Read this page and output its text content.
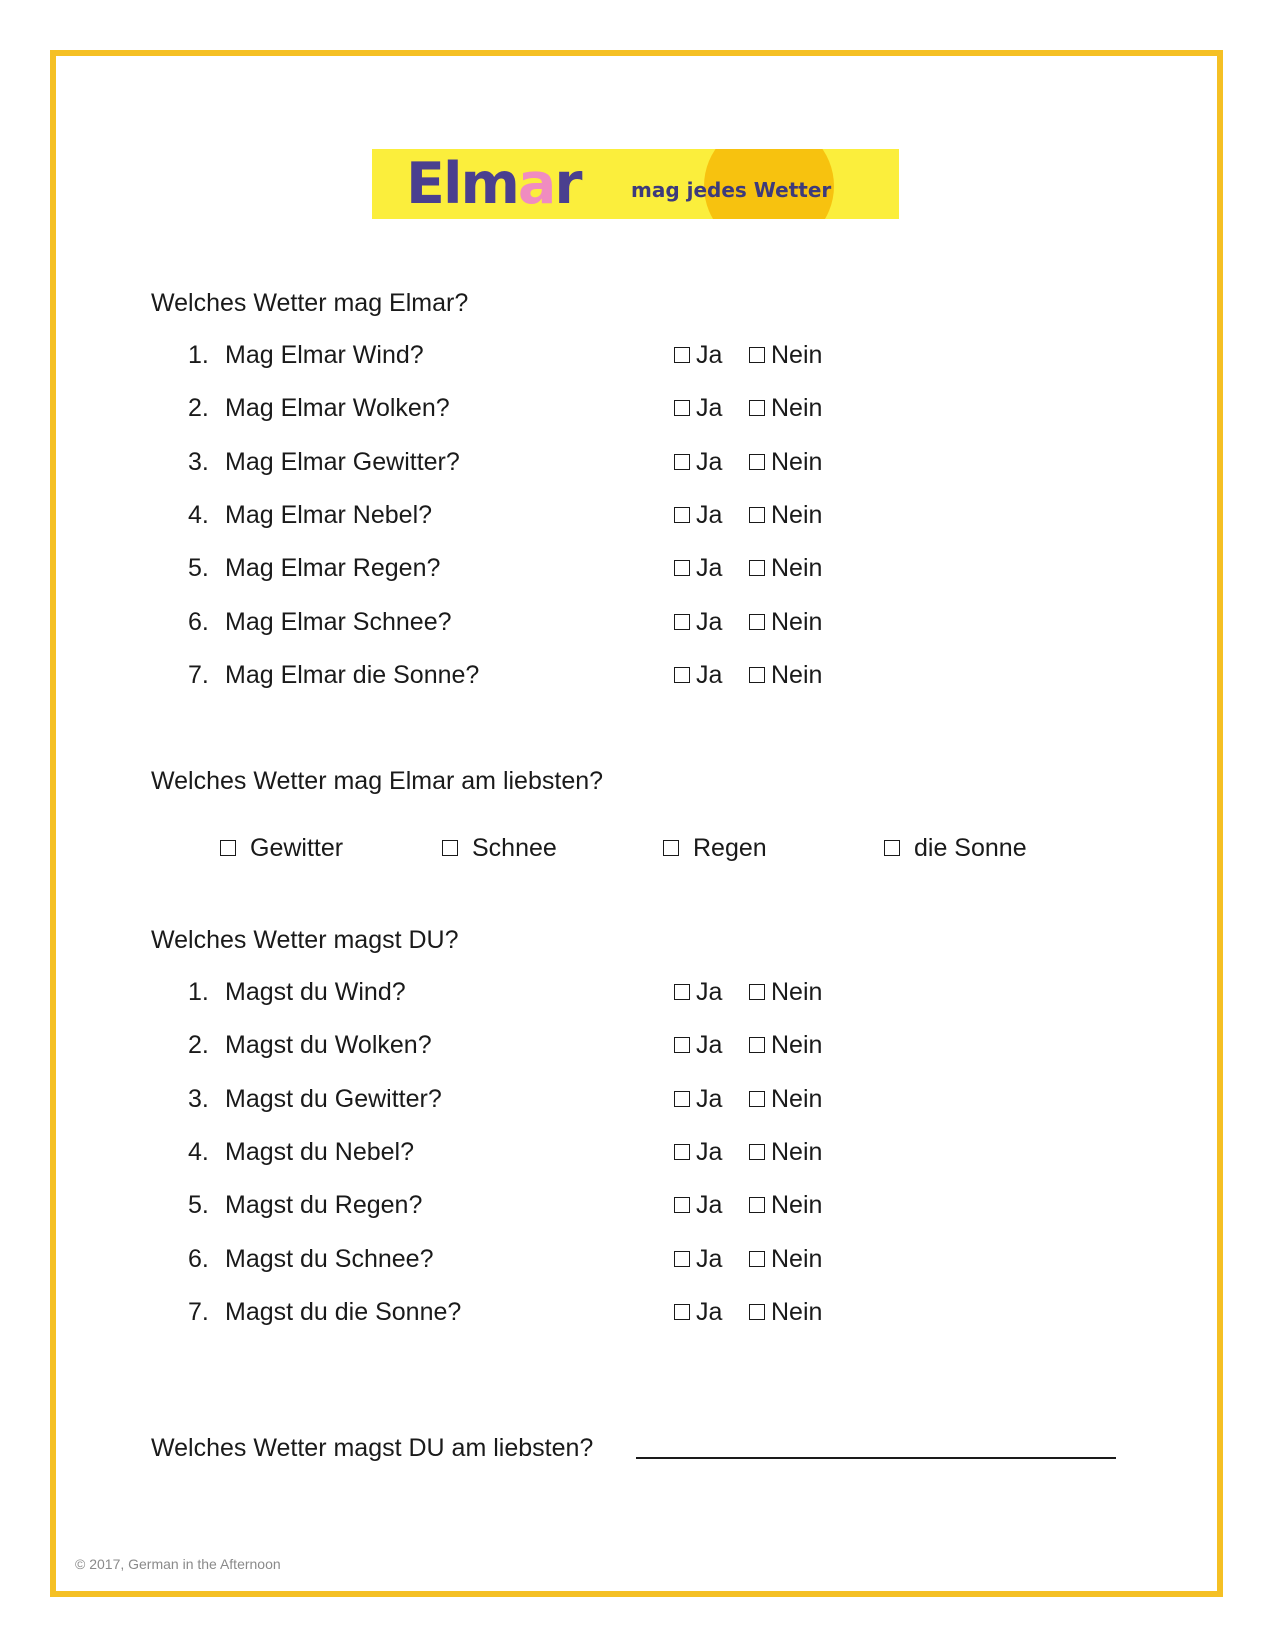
Elmar	mag jedes Wetter
Welches Wetter mag Elmar?
1. Mag Elmar Wind?	Ja Nein
2. Mag Elmar Wolken?	Ja Nein
3. Mag Elmar Gewitter?	Ja Nein
4. Mag Elmar Nebel?	Ja Nein
5. Mag Elmar Regen?	Ja Nein
6. Mag Elmar Schnee?	Ja Nein
7. Mag Elmar die Sonne?	Ja Nein
Welches Wetter mag Elmar am liebsten?
Gewitter	Schnee	Regen	die Sonne
Welches Wetter magst DU?
1. Magst du Wind?	Ja Nein
2. Magst du Wolken?	Ja Nein
3. Magst du Gewitter?	Ja Nein
4. Magst du Nebel?	Ja Nein
5. Magst du Regen?	Ja Nein
6. Magst du Schnee?	Ja Nein
7. Magst du die Sonne?	Ja Nein
Welches Wetter magst DU am liebsten?
© 2017, German in the Afternoon
